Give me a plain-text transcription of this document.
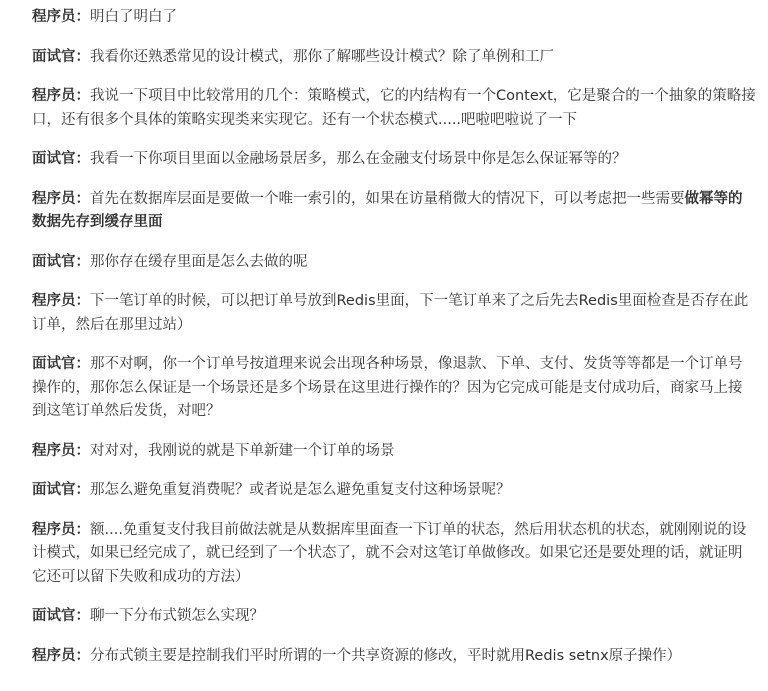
程序员：明白了明白了

面试官：我看你还熟悉常见的设计模式，那你了解哪些设计模式？除了单例和工厂

程序员：我说一下项目中比较常用的几个：策略模式，它的内结构有一个Context，它是聚合的一个抽象的策略接口，还有很多个具体的策略实现类来实现它。还有一个状态模式.....吧啦吧啦说了一下

面试官：我看一下你项目里面以金融场景居多，那么在金融支付场景中你是怎么保证幂等的？

程序员：首先在数据库层面是要做一个唯一索引的，如果在访量稍微大的情况下，可以考虑把一些需要做幂等的数据先存到缓存里面

面试官：那你存在缓存里面是怎么去做的呢

程序员：下一笔订单的时候，可以把订单号放到Redis里面，下一笔订单来了之后先去Redis里面检查是否存在此订单，然后在那里过站）

面试官：那不对啊，你一个订单号按道理来说会出现各种场景，像退款、下单、支付、发货等等都是一个订单号操作的，那你怎么保证是一个场景还是多个场景在这里进行操作的？因为它完成可能是支付成功后，商家马上接到这笔订单然后发货，对吧？

程序员：对对对，我刚说的就是下单新建一个订单的场景

面试官：那怎么避免重复消费呢？或者说是怎么避免重复支付这种场景呢？

程序员：额....免重复支付我目前做法就是从数据库里面查一下订单的状态，然后用状态机的状态，就刚刚说的设计模式，如果已经完成了，就已经到了一个状态了，就不会对这笔订单做修改。如果它还是要处理的话，就证明它还可以留下失败和成功的方法）

面试官：聊一下分布式锁怎么实现？

程序员：分布式锁主要是控制我们平时所谓的一个共享资源的修改，平时就用Redis setnx原子操作）
